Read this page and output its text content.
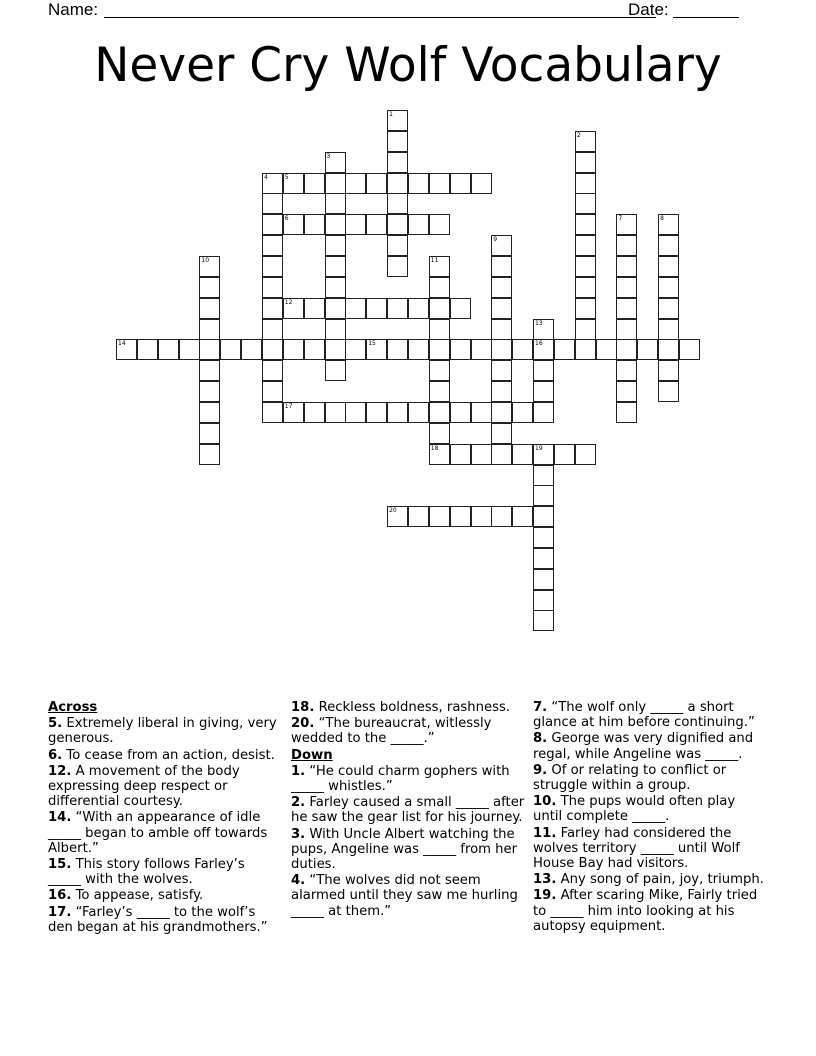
Name:	Date:
Never Cry Wolf Vocabulary
1
2
3
4	5
6	7	8
9
10	11
18
12
13
16
14	15
17
19
20
Across
5. Extremely liberal in giving, very generous.
6. To cease from an action, desist.
12. A movement of the body expressing deep respect or differential courtesy.
14. “With an appearance of idle _____ began to amble off towards Albert.”
15. This story follows Farley’s _____ with the wolves.
16. To appease, satisfy.
17. “Farley’s _____ to the wolf’s den began at his grandmothers.”
18. Reckless boldness, rashness.
20. “The bureaucrat, witlessly wedded to the _____.”
Down
1. “He could charm gophers with _____ whistles.”
2. Farley caused a small _____ after he saw the gear list for his journey.
3. With Uncle Albert watching the pups, Angeline was _____ from her duties.
4. “The wolves did not seem alarmed until they saw me hurling _____ at them.”
7. “The wolf only _____ a short glance at him before continuing.”
8. George was very dignified and regal, while Angeline was _____.
9. Of or relating to conflict or struggle within a group.
10. The pups would often play until complete _____.
11. Farley had considered the wolves territory _____ until Wolf House Bay had visitors.
13. Any song of pain, joy, triumph.
19. After scaring Mike, Fairly tried to _____ him into looking at his autopsy equipment.
